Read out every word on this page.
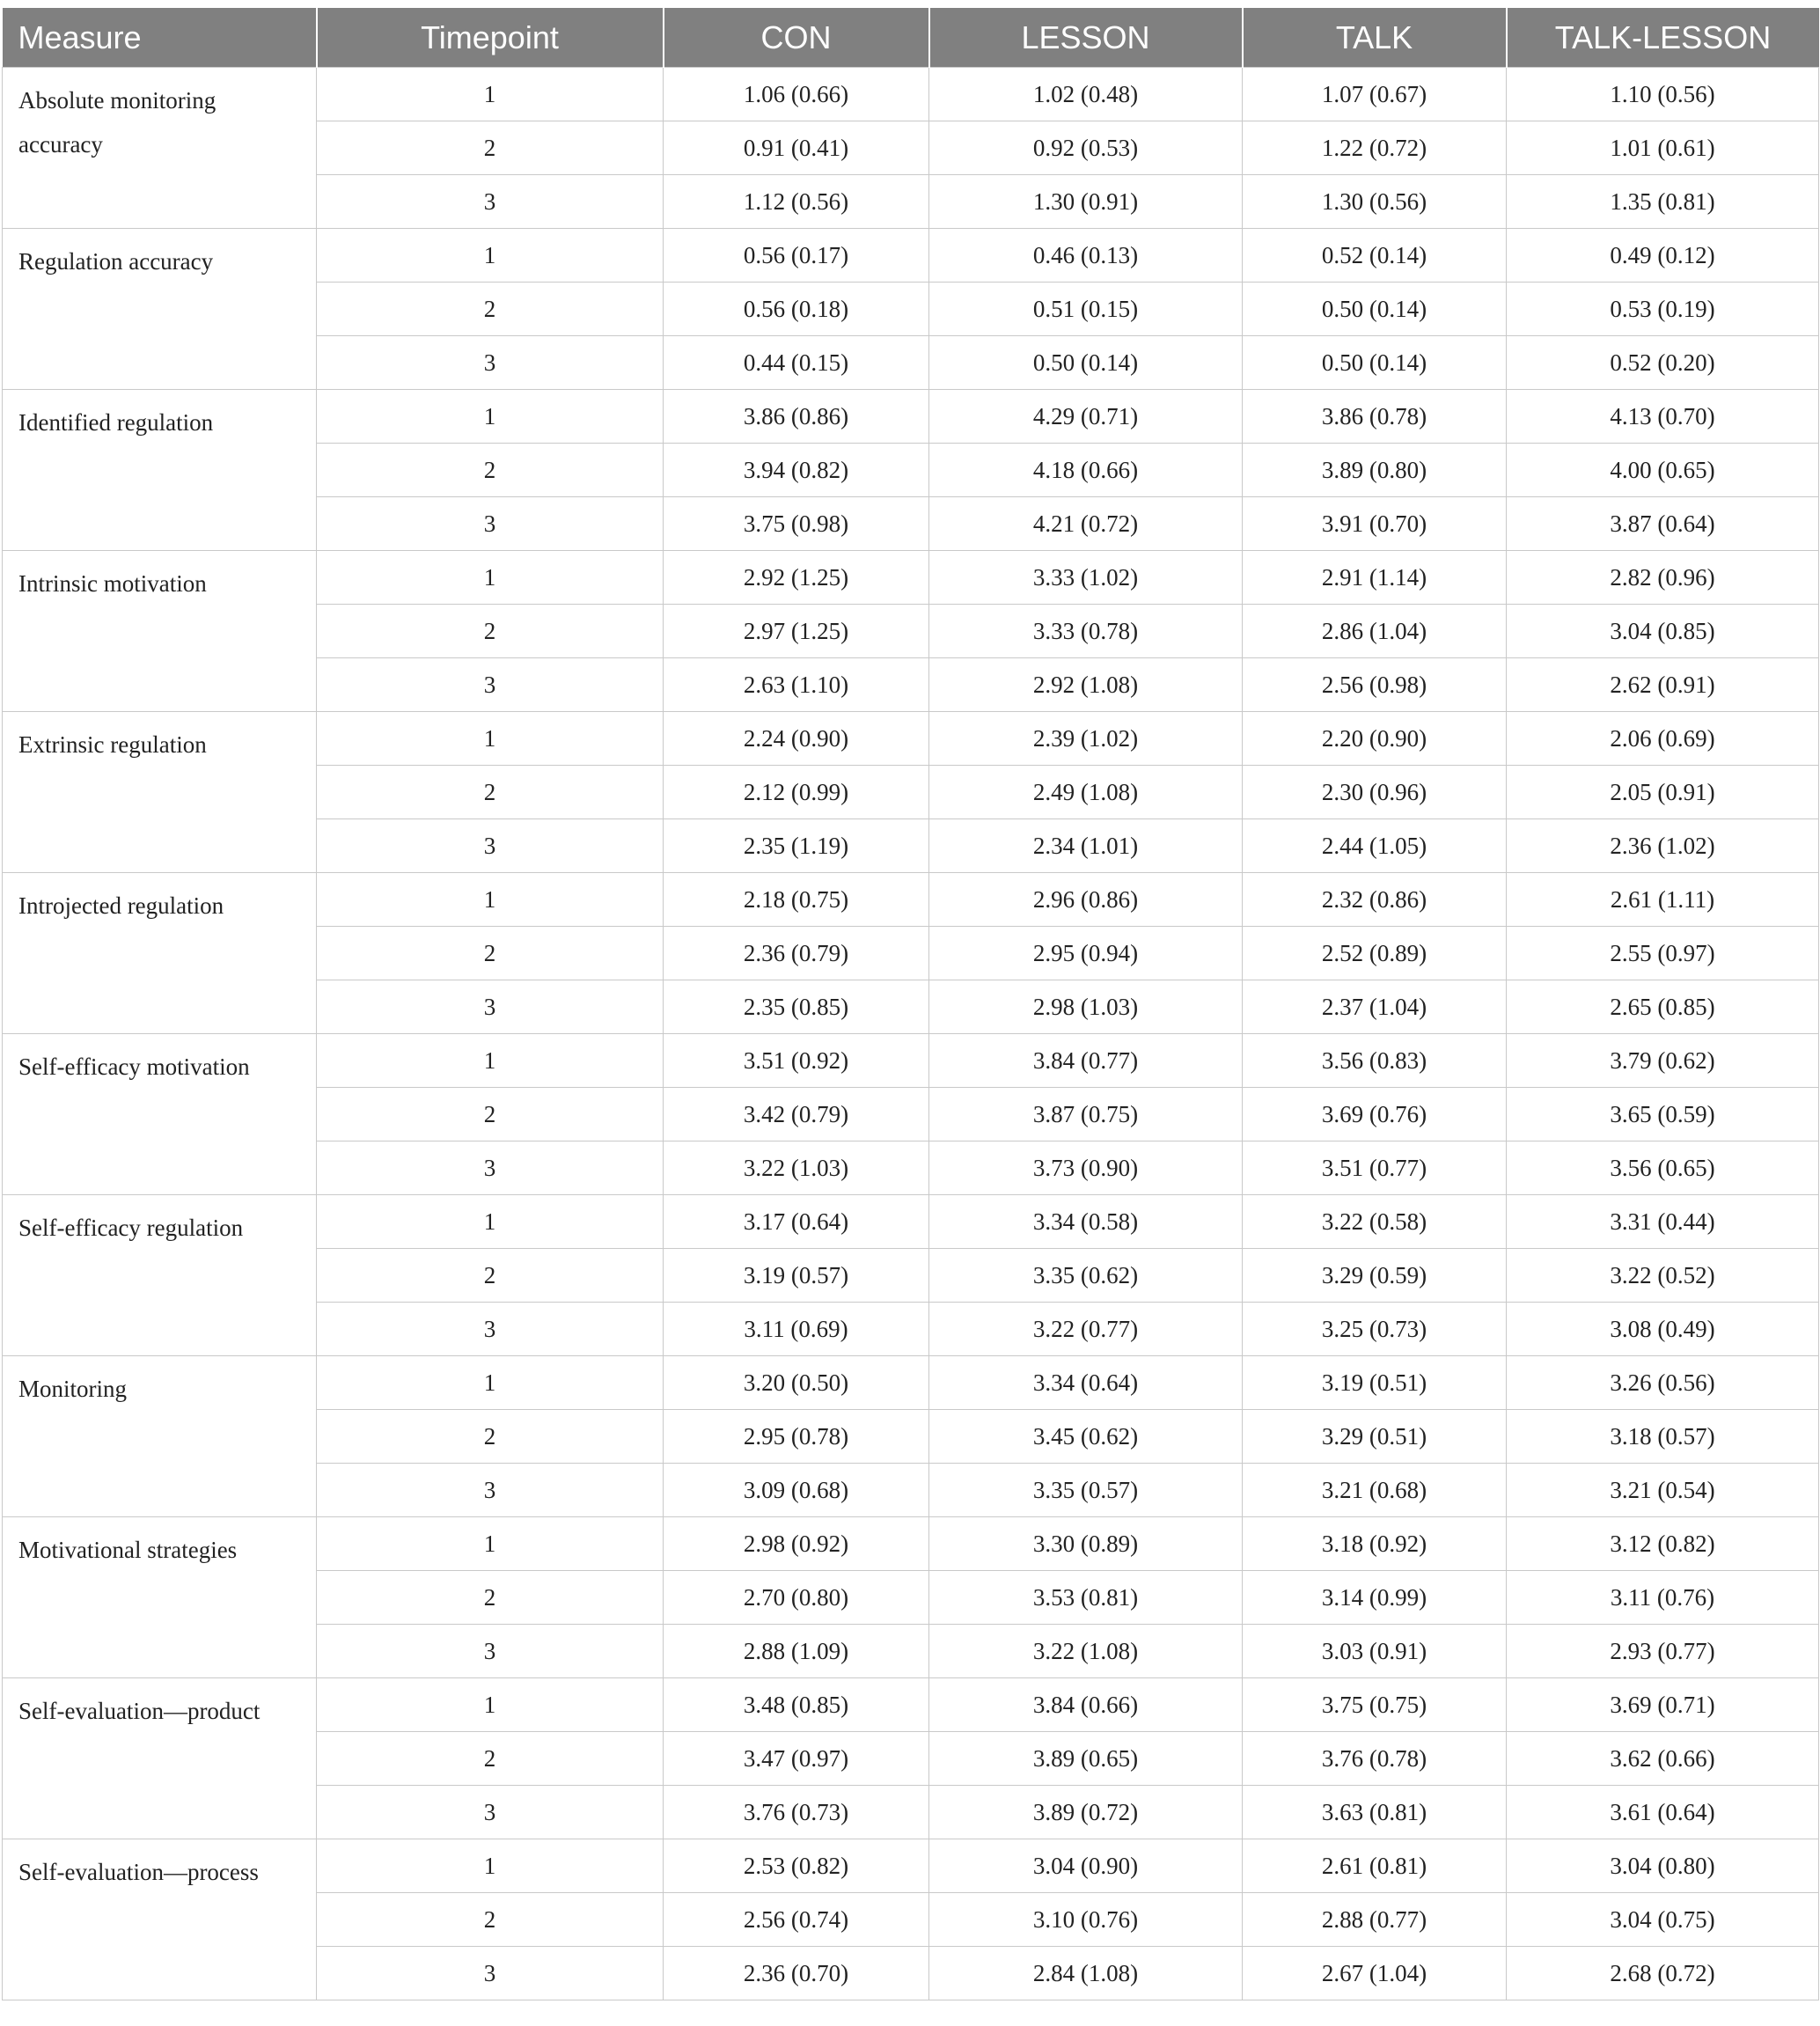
Measure	Timepoint	CON	LESSON	TALK	TALK-LESSON
Absolute monitoring accuracy	1	1.06 (0.66)	1.02 (0.48)	1.07 (0.67)	1.10 (0.56)
	2	0.91 (0.41)	0.92 (0.53)	1.22 (0.72)	1.01 (0.61)
	3	1.12 (0.56)	1.30 (0.91)	1.30 (0.56)	1.35 (0.81)
Regulation accuracy	1	0.56 (0.17)	0.46 (0.13)	0.52 (0.14)	0.49 (0.12)
	2	0.56 (0.18)	0.51 (0.15)	0.50 (0.14)	0.53 (0.19)
	3	0.44 (0.15)	0.50 (0.14)	0.50 (0.14)	0.52 (0.20)
Identified regulation	1	3.86 (0.86)	4.29 (0.71)	3.86 (0.78)	4.13 (0.70)
	2	3.94 (0.82)	4.18 (0.66)	3.89 (0.80)	4.00 (0.65)
	3	3.75 (0.98)	4.21 (0.72)	3.91 (0.70)	3.87 (0.64)
Intrinsic motivation	1	2.92 (1.25)	3.33 (1.02)	2.91 (1.14)	2.82 (0.96)
	2	2.97 (1.25)	3.33 (0.78)	2.86 (1.04)	3.04 (0.85)
	3	2.63 (1.10)	2.92 (1.08)	2.56 (0.98)	2.62 (0.91)
Extrinsic regulation	1	2.24 (0.90)	2.39 (1.02)	2.20 (0.90)	2.06 (0.69)
	2	2.12 (0.99)	2.49 (1.08)	2.30 (0.96)	2.05 (0.91)
	3	2.35 (1.19)	2.34 (1.01)	2.44 (1.05)	2.36 (1.02)
Introjected regulation	1	2.18 (0.75)	2.96 (0.86)	2.32 (0.86)	2.61 (1.11)
	2	2.36 (0.79)	2.95 (0.94)	2.52 (0.89)	2.55 (0.97)
	3	2.35 (0.85)	2.98 (1.03)	2.37 (1.04)	2.65 (0.85)
Self-efficacy motivation	1	3.51 (0.92)	3.84 (0.77)	3.56 (0.83)	3.79 (0.62)
	2	3.42 (0.79)	3.87 (0.75)	3.69 (0.76)	3.65 (0.59)
	3	3.22 (1.03)	3.73 (0.90)	3.51 (0.77)	3.56 (0.65)
Self-efficacy regulation	1	3.17 (0.64)	3.34 (0.58)	3.22 (0.58)	3.31 (0.44)
	2	3.19 (0.57)	3.35 (0.62)	3.29 (0.59)	3.22 (0.52)
	3	3.11 (0.69)	3.22 (0.77)	3.25 (0.73)	3.08 (0.49)
Monitoring	1	3.20 (0.50)	3.34 (0.64)	3.19 (0.51)	3.26 (0.56)
	2	2.95 (0.78)	3.45 (0.62)	3.29 (0.51)	3.18 (0.57)
	3	3.09 (0.68)	3.35 (0.57)	3.21 (0.68)	3.21 (0.54)
Motivational strategies	1	2.98 (0.92)	3.30 (0.89)	3.18 (0.92)	3.12 (0.82)
	2	2.70 (0.80)	3.53 (0.81)	3.14 (0.99)	3.11 (0.76)
	3	2.88 (1.09)	3.22 (1.08)	3.03 (0.91)	2.93 (0.77)
Self-evaluation—product	1	3.48 (0.85)	3.84 (0.66)	3.75 (0.75)	3.69 (0.71)
	2	3.47 (0.97)	3.89 (0.65)	3.76 (0.78)	3.62 (0.66)
	3	3.76 (0.73)	3.89 (0.72)	3.63 (0.81)	3.61 (0.64)
Self-evaluation—process	1	2.53 (0.82)	3.04 (0.90)	2.61 (0.81)	3.04 (0.80)
	2	2.56 (0.74)	3.10 (0.76)	2.88 (0.77)	3.04 (0.75)
	3	2.36 (0.70)	2.84 (1.08)	2.67 (1.04)	2.68 (0.72)
